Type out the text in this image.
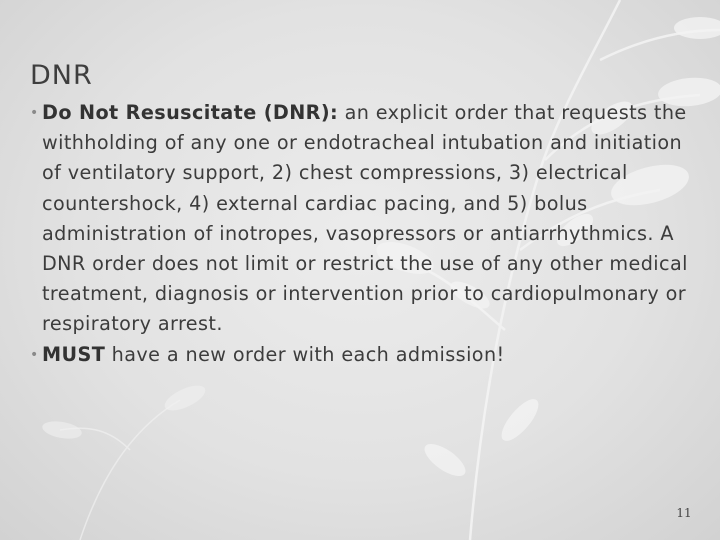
DNR
• Do Not Resuscitate (DNR): an explicit order that requests the withholding of any one or endotracheal intubation and initiation of ventilatory support, 2) chest compressions, 3) electrical countershock, 4) external cardiac pacing, and 5) bolus administration of inotropes, vasopressors or antiarrhythmics. A DNR order does not limit or restrict the use of any other medical treatment, diagnosis or intervention prior to cardiopulmonary or respiratory arrest.
• MUST have a new order with each admission!
11
